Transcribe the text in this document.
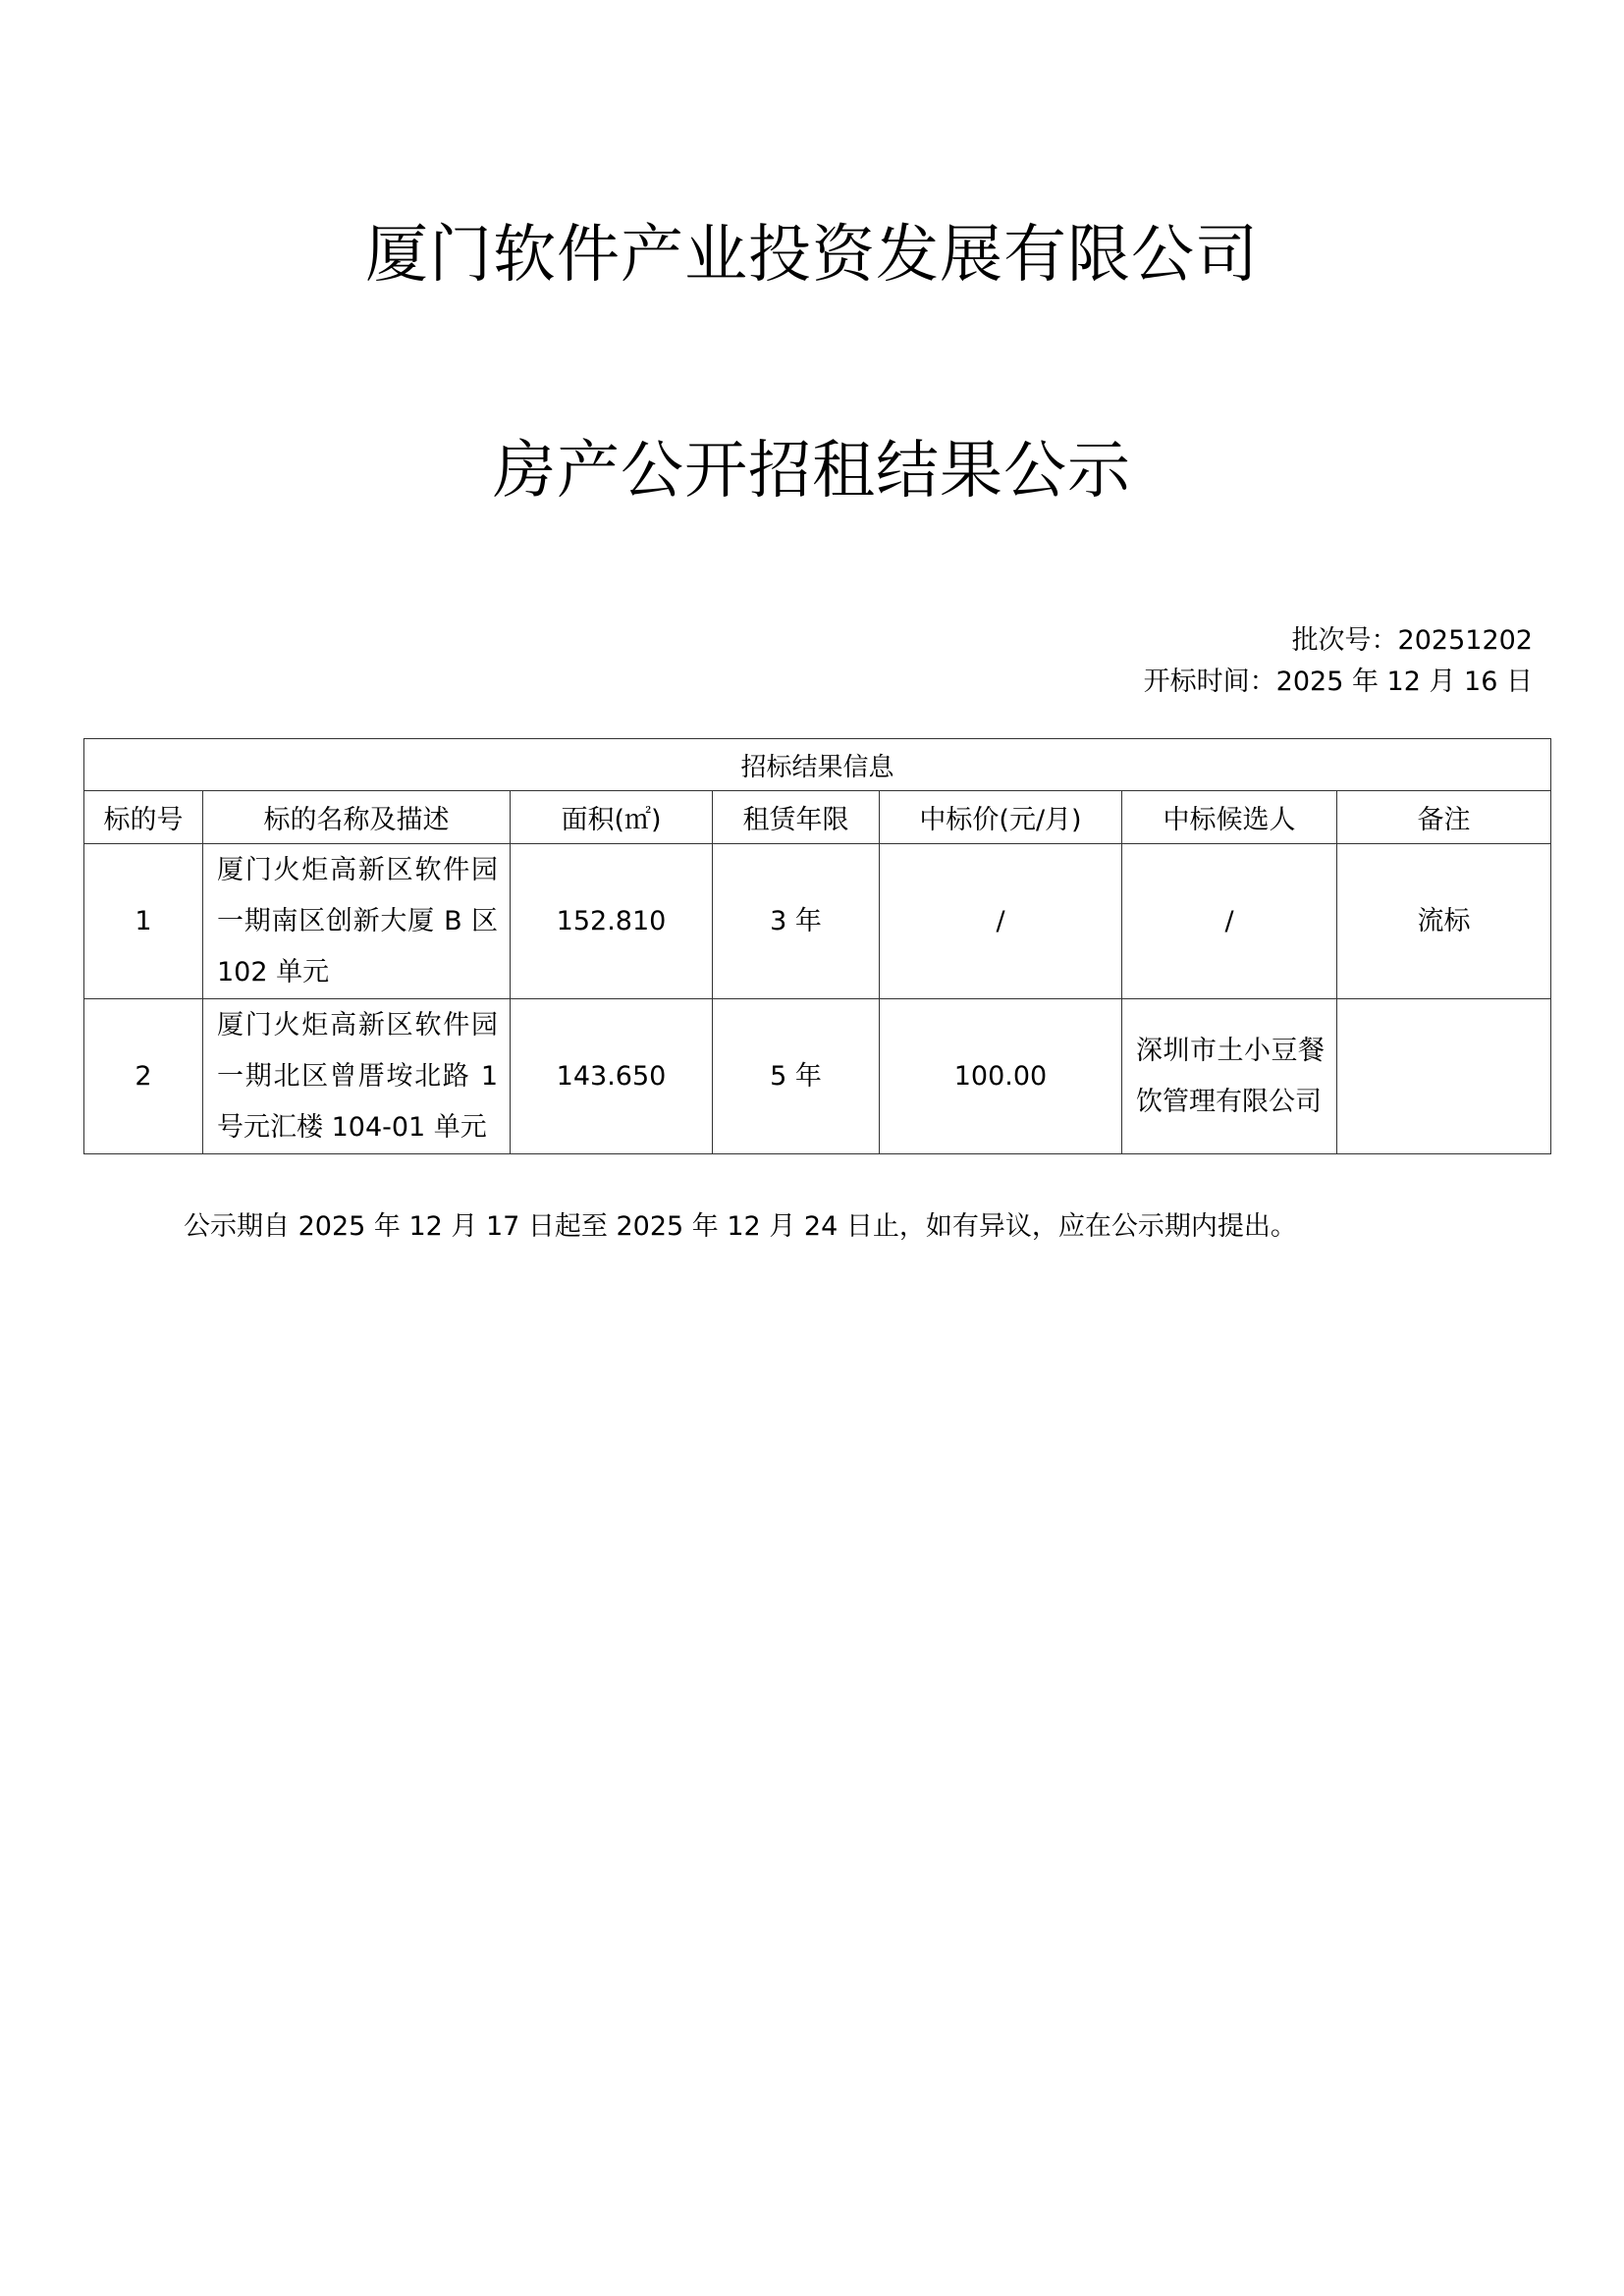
厦门软件产业投资发展有限公司
房产公开招租结果公示
批次号：20251202
开标时间：2025 年 12 月 16 日
招标结果信息						
标的号	标的名称及描述	面积(㎡)	租赁年限	中标价(元/月)	中标候选人	备注
1	厦门火炬高新区软件园一期南区创新大厦 B 区 102 单元	152.810	3 年	/	/	流标
2	厦门火炬高新区软件园一期北区曾厝垵北路 1 号元汇楼 104-01 单元	143.650	5 年	100.00	深圳市土小豆餐饮管理有限公司	
公示期自 2025 年 12 月 17 日起至 2025 年 12 月 24 日止，如有异议，应在公示期内提出。
